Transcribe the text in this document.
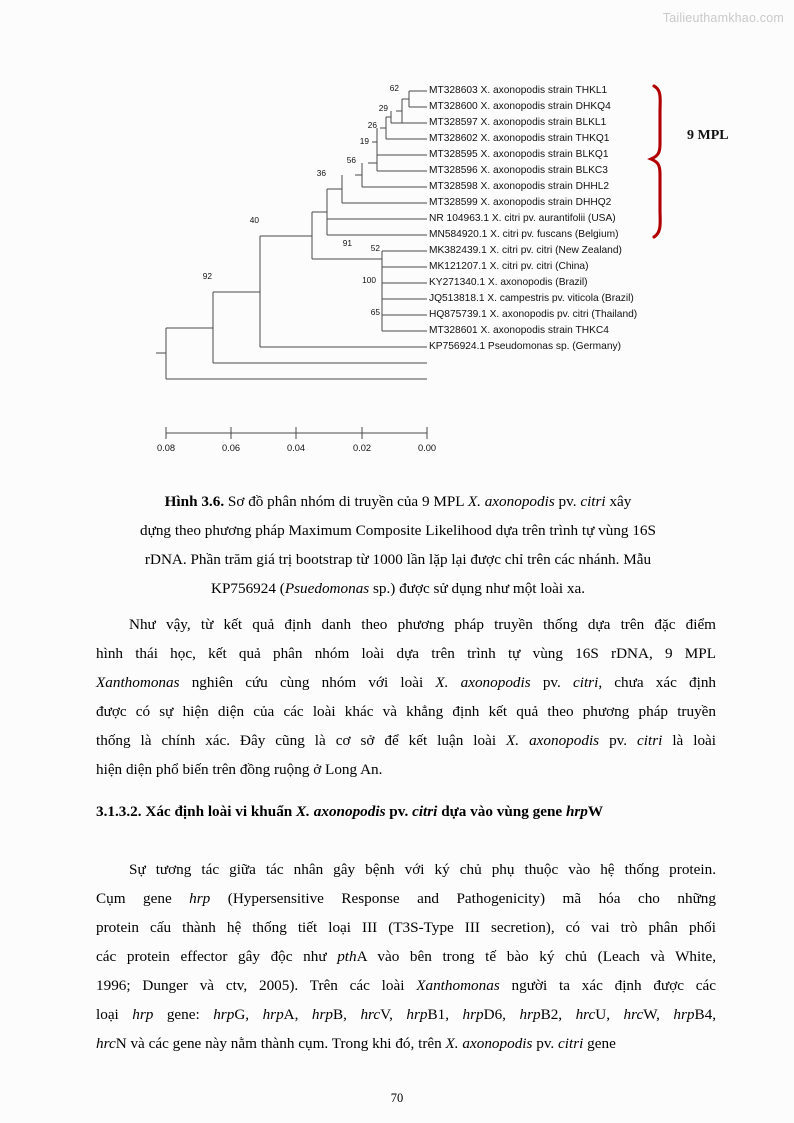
Tailieuthamkhao.com
MT328603 X. axonopodis strain THKL1
MT328600 X. axonopodis strain DHKQ4
MT328597 X. axonopodis strain BLKL1
MT328602 X. axonopodis strain THKQ1
MT328595 X. axonopodis strain BLKQ1
MT328596 X. axonopodis strain BLKC3
MT328598 X. axonopodis strain DHHL2
MT328599 X. axonopodis strain DHHQ2
NR 104963.1 X. citri pv. aurantifolii (USA)
MN584920.1 X. citri pv. fuscans (Belgium)
MK382439.1 X. citri pv. citri (New Zealand)
MK121207.1 X. citri pv. citri (China)
KY271340.1 X. axonopodis (Brazil)
JQ513818.1 X. campestris pv. viticola (Brazil)
HQ875739.1 X. axonopodis pv. citri (Thailand)
MT328601 X. axonopodis strain THKC4
KP756924.1 Pseudomonas sp. (Germany)
62
29
26
19
56
36
40
52
91
100
65
92
0.08	0.06	0.04	0.02	0.00
9 MPL
Hình 3.6. Sơ đồ phân nhóm di truyền của 9 MPL X. axonopodis pv. citri xây
dựng theo phương pháp Maximum Composite Likelihood dựa trên trình tự vùng 16S
rDNA. Phần trăm giá trị bootstrap từ 1000 lần lặp lại được chỉ trên các nhánh. Mẫu
KP756924 (Psuedomonas sp.) được sử dụng như một loài xa.
Như vậy, từ kết quả định danh theo phương pháp truyền thống dựa trên đặc điểm
hình thái học, kết quả phân nhóm loài dựa trên trình tự vùng 16S rDNA, 9 MPL
Xanthomonas nghiên cứu cùng nhóm với loài X. axonopodis pv. citri, chưa xác định
được có sự hiện diện của các loài khác và khẳng định kết quả theo phương pháp truyền
thống là chính xác. Đây cũng là cơ sở để kết luận loài X. axonopodis pv. citri là loài
hiện diện phổ biến trên đồng ruộng ở Long An.
3.1.3.2. Xác định loài vi khuẩn X. axonopodis pv. citri dựa vào vùng gene hrpW
Sự tương tác giữa tác nhân gây bệnh với ký chủ phụ thuộc vào hệ thống protein.
Cụm gene hrp (Hypersensitive Response and Pathogenicity) mã hóa cho những
protein cấu thành hệ thống tiết loại III (T3S-Type III secretion), có vai trò phân phối
các protein effector gây độc như pthA vào bên trong tế bào ký chủ (Leach và White,
1996; Dunger và ctv, 2005). Trên các loài Xanthomonas người ta xác định được các
loại hrp gene: hrpG, hrpA, hrpB, hrcV, hrpB1, hrpD6, hrpB2, hrcU, hrcW, hrpB4,
hrcN và các gene này nằm thành cụm. Trong khi đó, trên X. axonopodis pv. citri gene
70
